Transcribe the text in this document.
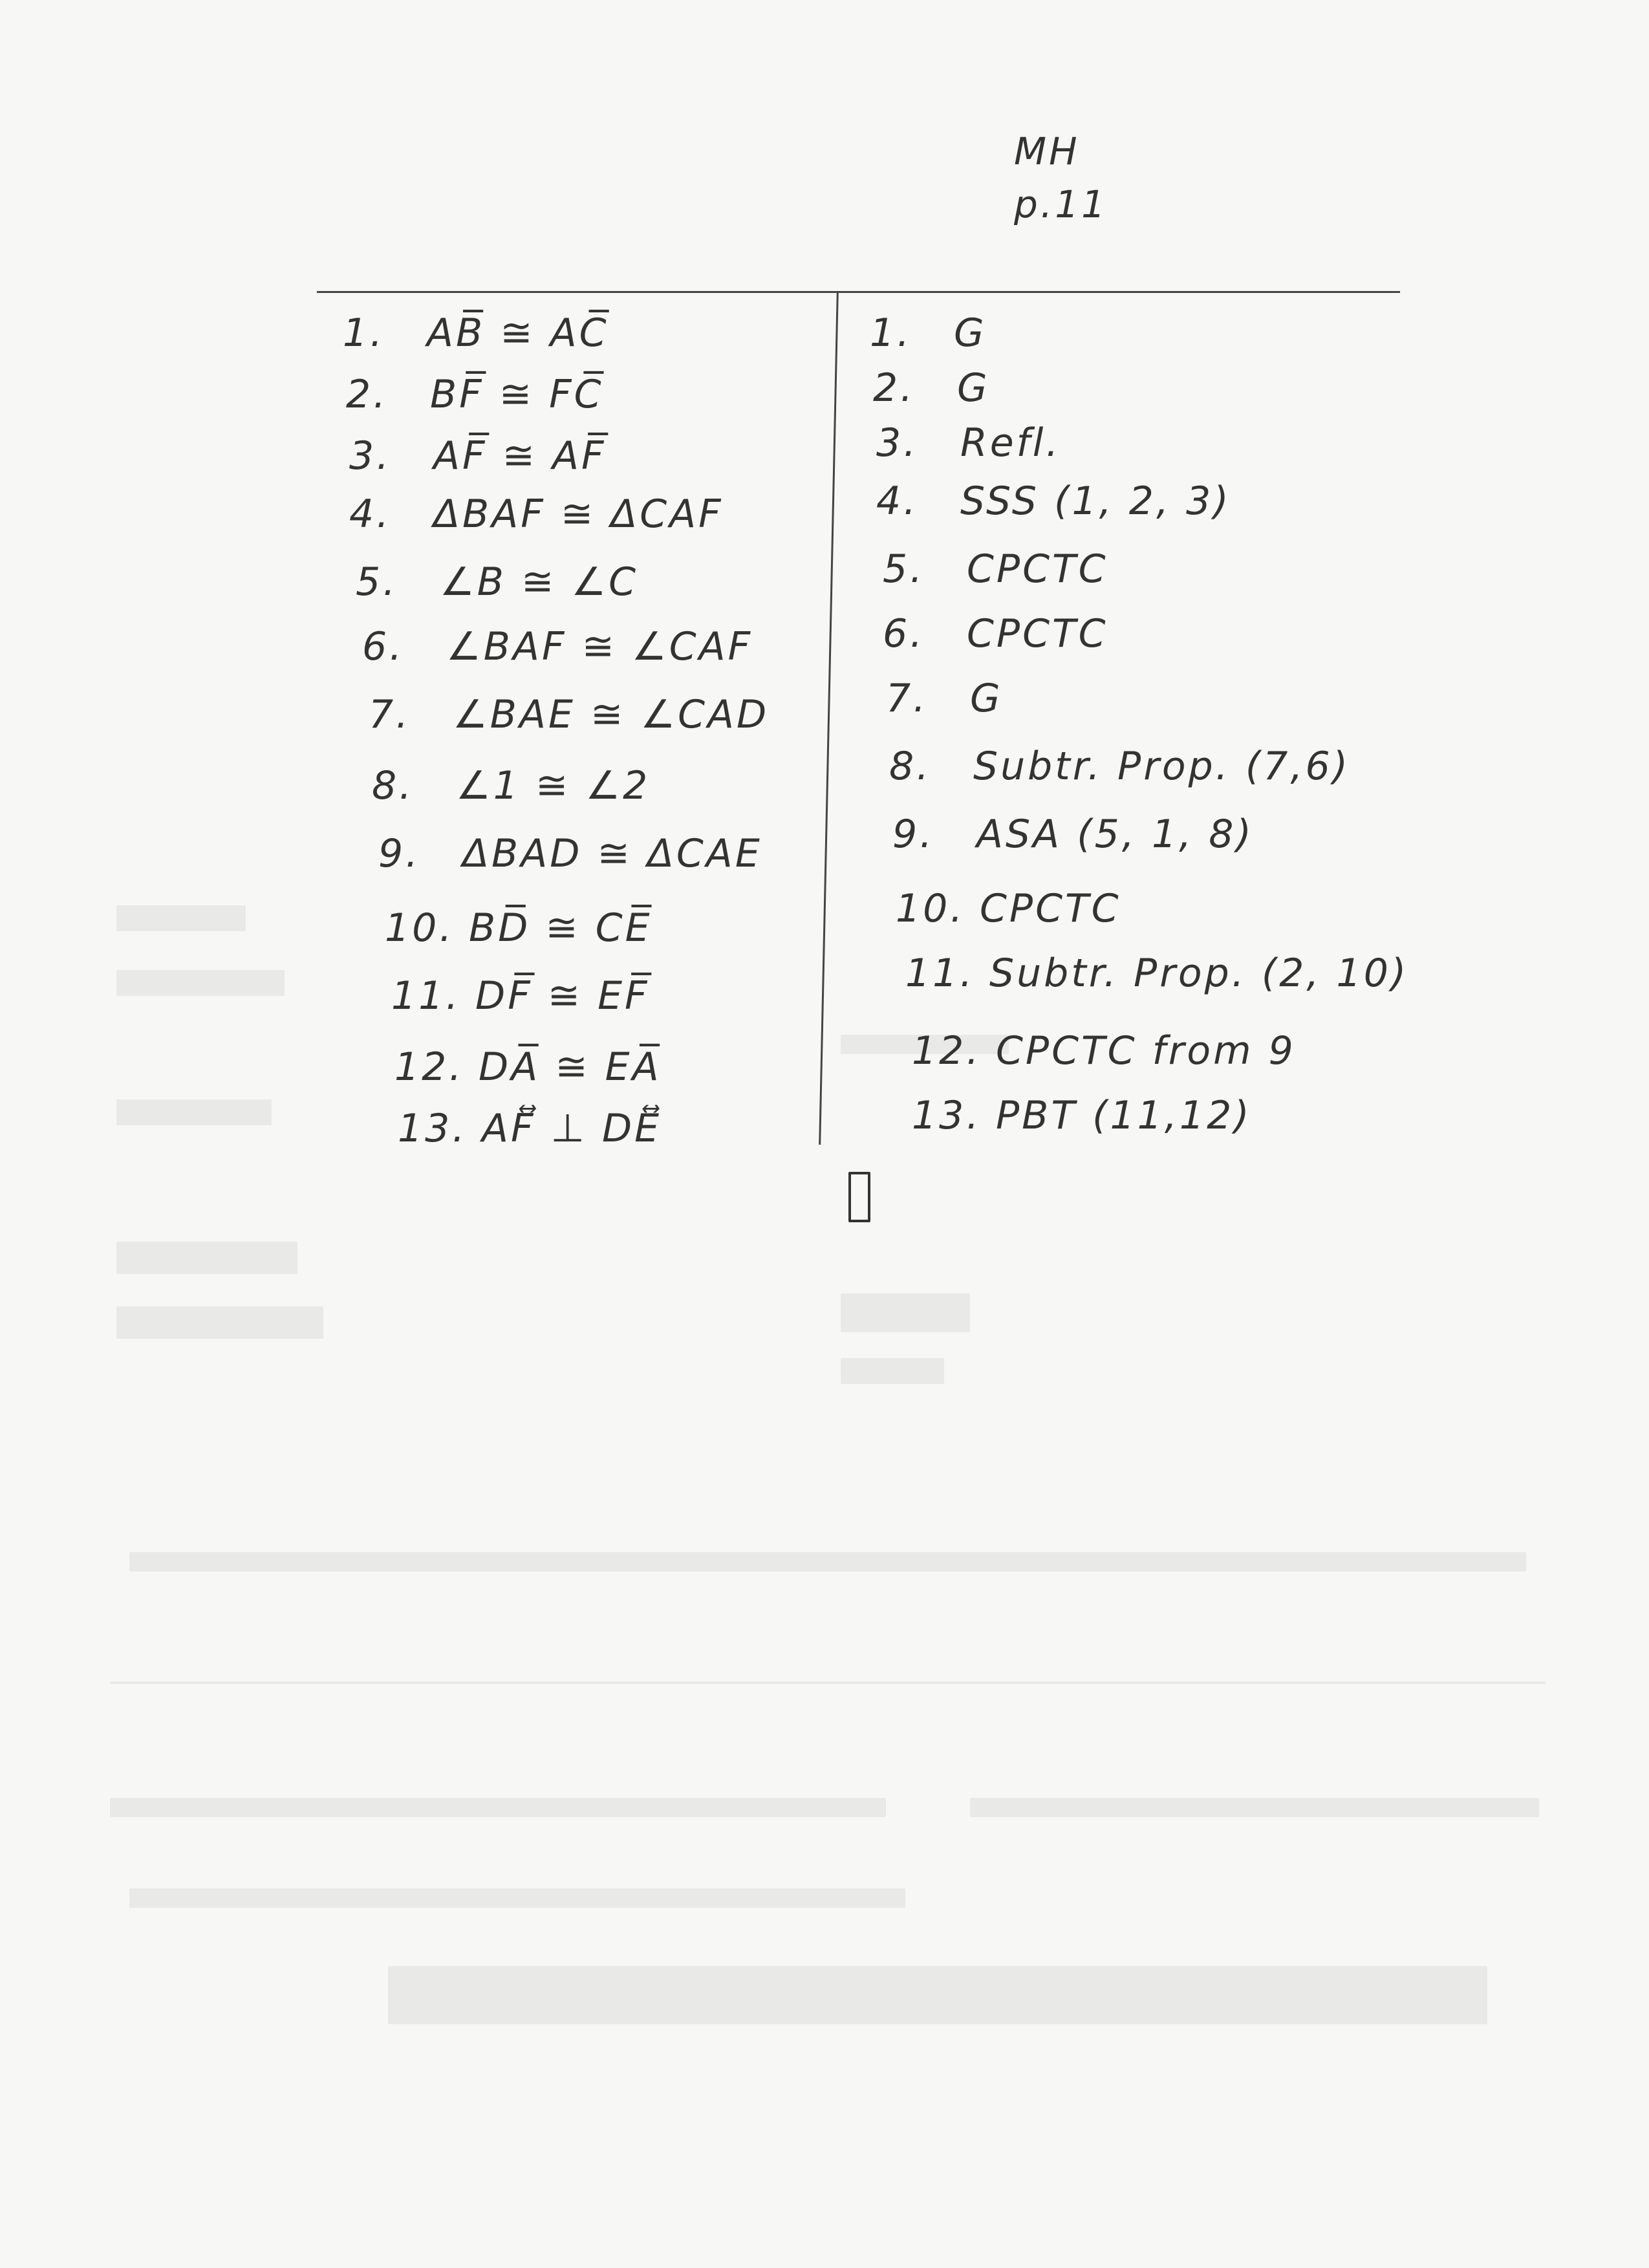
MH
p.11
1. AB̅ ≅ AC̅
2. BF̅ ≅ FC̅
3. AF̅ ≅ AF̅
4. ΔBAF ≅ ΔCAF
5. ∠B ≅ ∠C
6. ∠BAF ≅ ∠CAF
7. ∠BAE ≅ ∠CAD
8. ∠1 ≅ ∠2
9. ΔBAD ≅ ΔCAE
10. BD̅ ≅ CE̅
11. DF̅ ≅ EF̅
12. DA̅ ≅ EA̅
13. AF⃡ ⊥ DE⃡
1. G
2. G
3. Refl.
4. SSS (1, 2, 3)
5. CPCTC
6. CPCTC
7. G
8. Subtr. Prop. (7,6)
9. ASA (5, 1, 8)
10. CPCTC
11. Subtr. Prop. (2, 10)
12. CPCTC from 9
13. PBT (11,12)
